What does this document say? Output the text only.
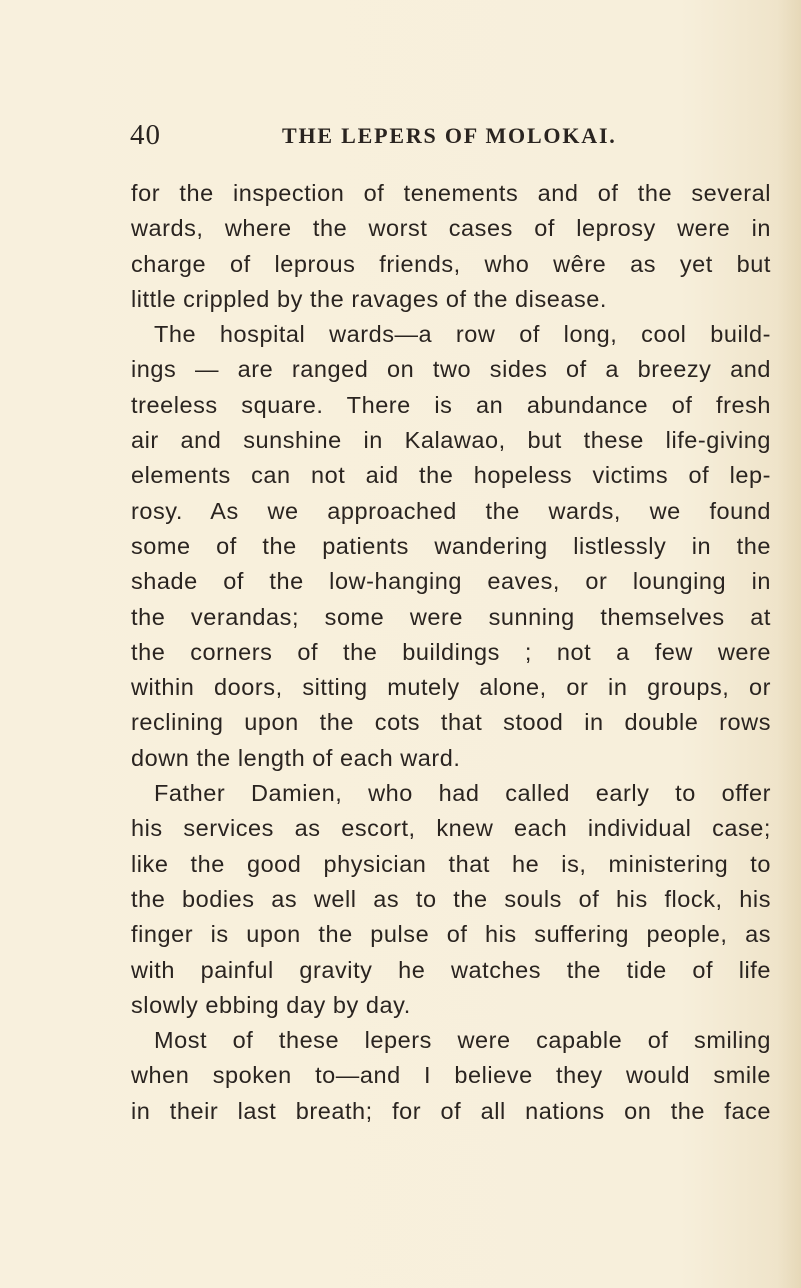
40	THE LEPERS OF MOLOKAI.
for the inspection of tenements and of the several
wards, where the worst cases of leprosy were in
charge of leprous friends, who wêre as yet but
little crippled by the ravages of the disease.
The hospital wards—a row of long, cool build-
ings — are ranged on two sides of a breezy and
treeless square. There is an abundance of fresh
air and sunshine in Kalawao, but these life-giving
elements can not aid the hopeless victims of lep-
rosy. As we approached the wards, we found
some of the patients wandering listlessly in the
shade of the low-hanging eaves, or lounging in
the verandas; some were sunning themselves at
the corners of the buildings ; not a few were
within doors, sitting mutely alone, or in groups, or
reclining upon the cots that stood in double rows
down the length of each ward.
Father Damien, who had called early to offer
his services as escort, knew each individual case;
like the good physician that he is, ministering to
the bodies as well as to the souls of his flock, his
finger is upon the pulse of his suffering people, as
with painful gravity he watches the tide of life
slowly ebbing day by day.
Most of these lepers were capable of smiling
when spoken to—and I believe they would smile
in their last breath; for of all nations on the face
